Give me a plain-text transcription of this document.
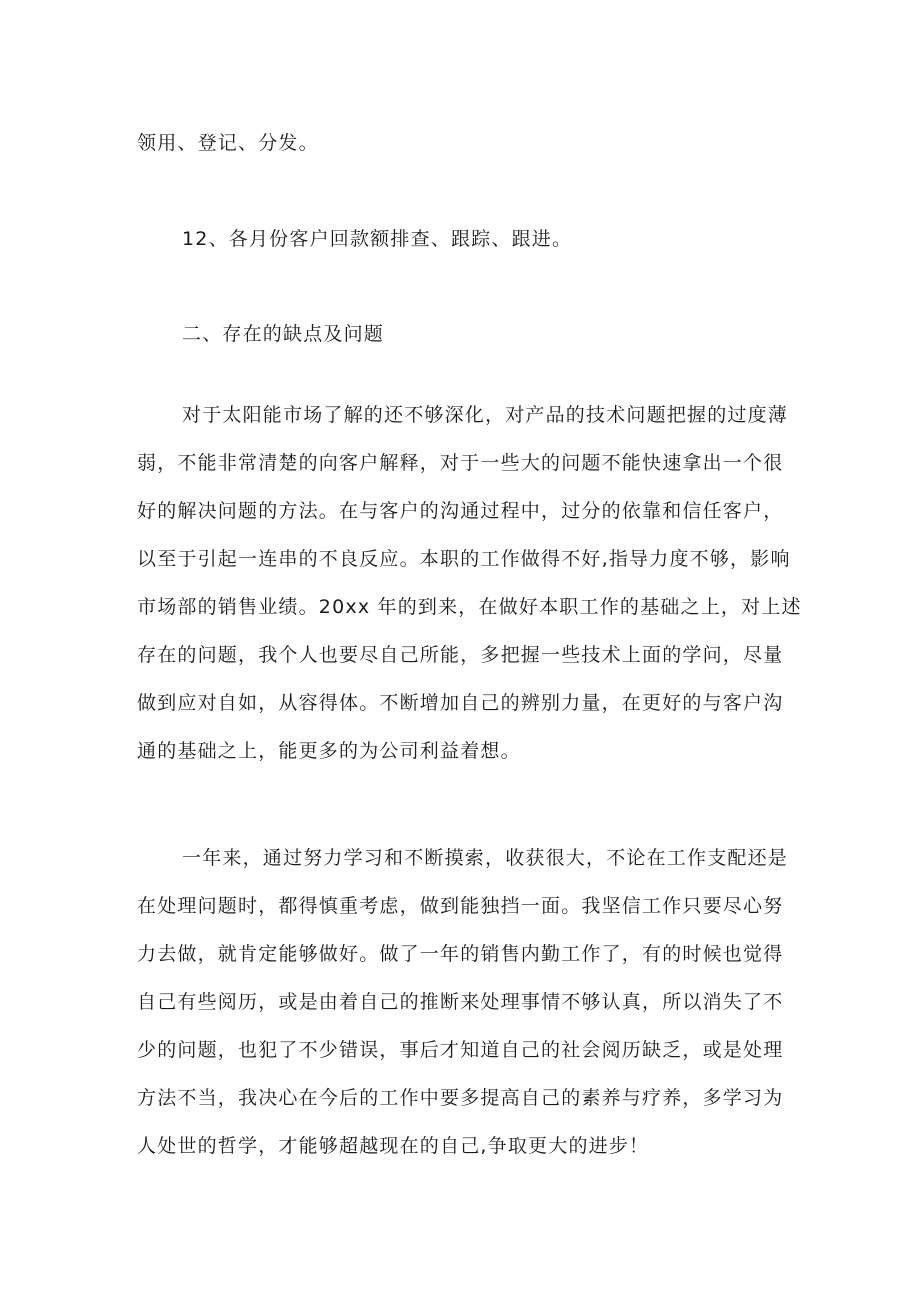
领用、登记、分发。

12、各月份客户回款额排查、跟踪、跟进。

二、存在的缺点及问题

对于太阳能市场了解的还不够深化，对产品的技术问题把握的过度薄
弱，不能非常清楚的向客户解释，对于一些大的问题不能快速拿出一个很
好的解决问题的方法。在与客户的沟通过程中，过分的依靠和信任客户，
以至于引起一连串的不良反应。本职的工作做得不好,指导力度不够，影响
市场部的销售业绩。20xx 年的到来，在做好本职工作的基础之上，对上述
存在的问题，我个人也要尽自己所能，多把握一些技术上面的学问，尽量
做到应对自如，从容得体。不断增加自己的辨别力量，在更好的与客户沟
通的基础之上，能更多的为公司利益着想。
一年来，通过努力学习和不断摸索，收获很大，不论在工作支配还是
在处理问题时，都得慎重考虑，做到能独挡一面。我坚信工作只要尽心努
力去做，就肯定能够做好。做了一年的销售内勤工作了，有的时候也觉得
自己有些阅历，或是由着自己的推断来处理事情不够认真，所以消失了不
少的问题，也犯了不少错误，事后才知道自己的社会阅历缺乏，或是处理
方法不当，我决心在今后的工作中要多提高自己的素养与疗养，多学习为
人处世的哲学，才能够超越现在的自己,争取更大的进步！
